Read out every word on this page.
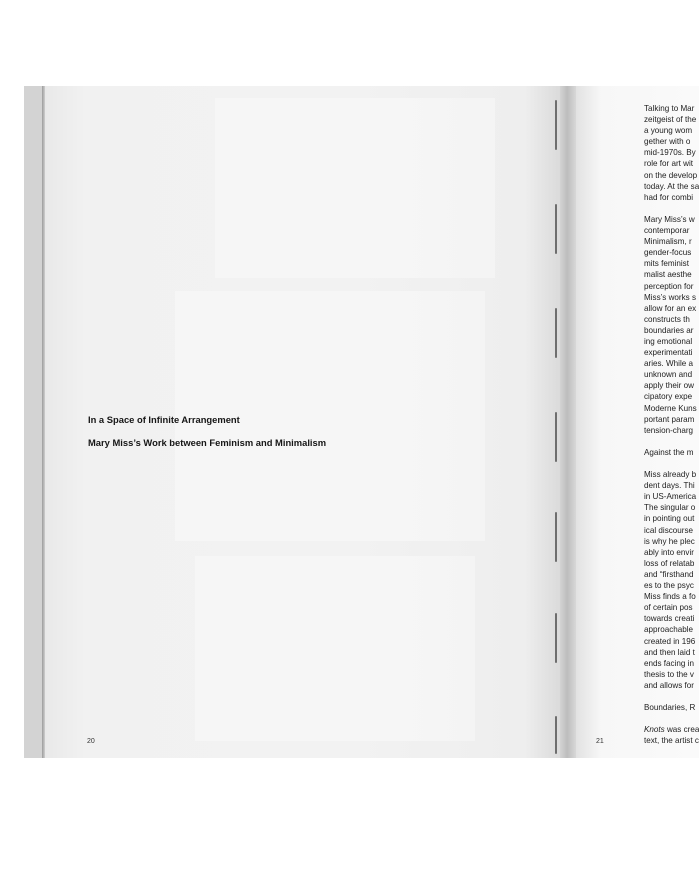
In a Space of Infinite Arrangement
Mary Miss’s Work between Feminism and Minimalism
20	21
Talking to Mar
zeitgeist of the
a young wom
gether with o
mid-1970s. By
role for art wit
on the develop
today. At the sa
had for combi
Mary Miss’s w
contemporar
Minimalism, r
gender-focus
mits feminist
malist aesthe
perception for
Miss’s works s
allow for an ex
constructs th
boundaries ar
ing emotional
experimentati
aries. While a
unknown and
apply their ow
cipatory expe
Moderne Kuns
portant param
tension-charg
Against the m
Miss already b
dent days. Thi
in US-America
The singular o
in pointing out
ical discourse
is why he plec
ably into envir
loss of relatab
and “firsthand
es to the psyc
Miss finds a fo
of certain pos
towards creati
approachable
created in 196
and then laid t
ends facing in
thesis to the v
and allows for
Boundaries, R
Knots was crea
text, the artist c
